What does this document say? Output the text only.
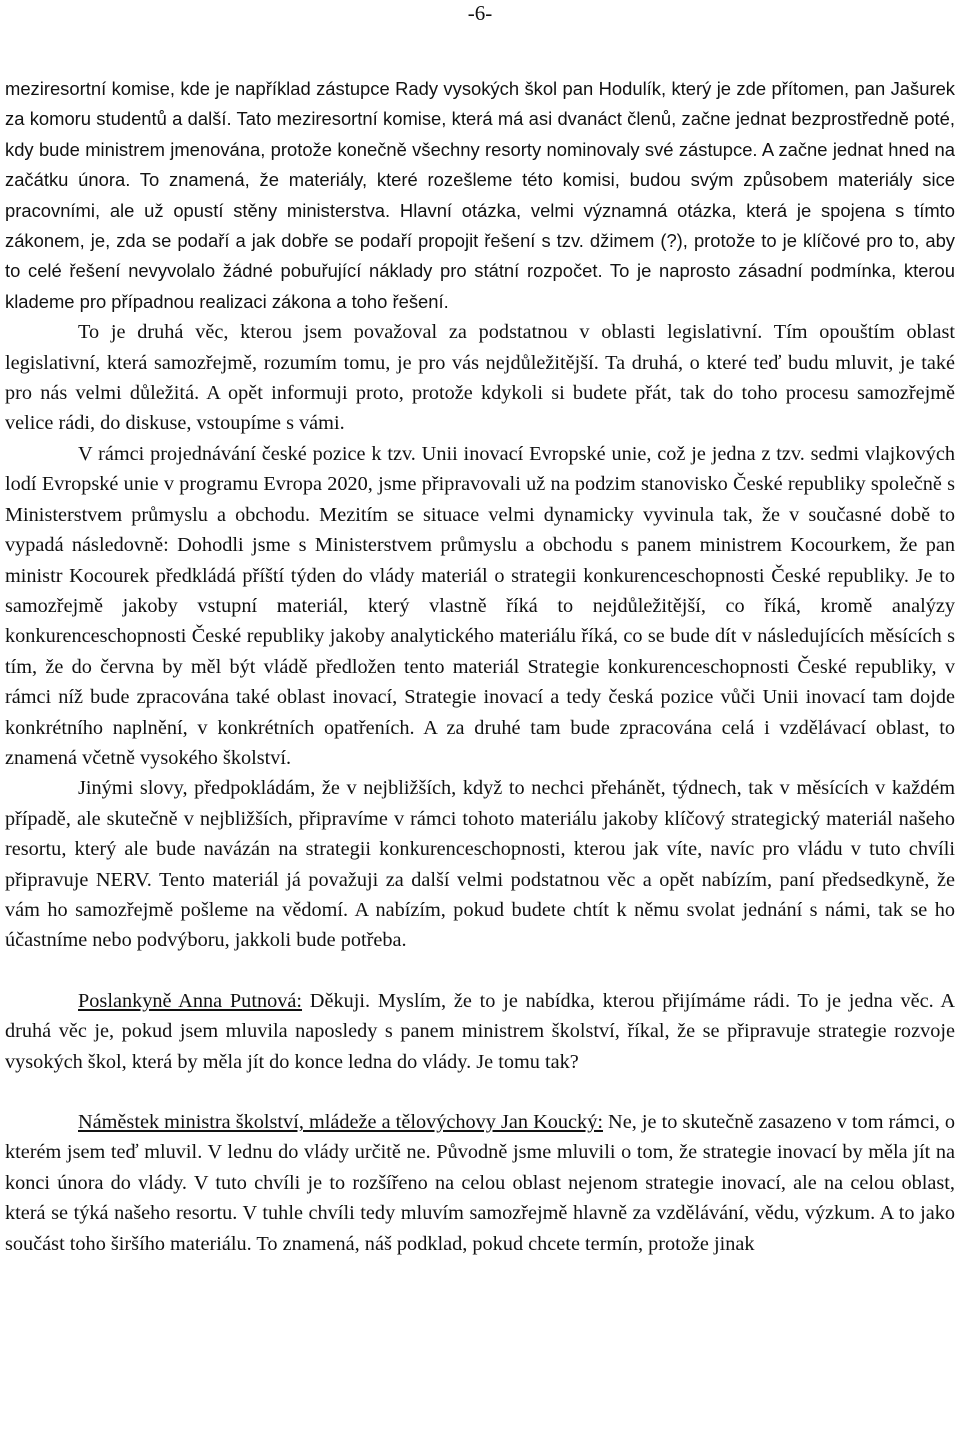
-6-

meziresortní komise, kde je například zástupce Rady vysokých škol pan Hodulík, který je zde přítomen, pan Jašurek za komoru studentů a další. Tato meziresortní komise, která má asi dvanáct členů, začne jednat bezprostředně poté, kdy bude ministrem jmenována, protože konečně všechny resorty nominovaly své zástupce. A začne jednat hned na začátku února. To znamená, že materiály, které rozešleme této komisi, budou svým způsobem materiály sice pracovními, ale už opustí stěny ministerstva. Hlavní otázka, velmi významná otázka, která je spojena s tímto zákonem, je, zda se podaří a jak dobře se podaří propojit řešení s tzv. džimem (?), protože to je klíčové pro to, aby to celé řešení nevyvolalo žádné pobuřující náklady pro státní rozpočet. To je naprosto zásadní podmínka, kterou klademe pro případnou realizaci zákona a toho řešení.

To je druhá věc, kterou jsem považoval za podstatnou v oblasti legislativní. Tím opouštím oblast legislativní, která samozřejmě, rozumím tomu, je pro vás nejdůležitější. Ta druhá, o které teď budu mluvit, je také pro nás velmi důležitá. A opět informuji proto, protože kdykoli si budete přát, tak do toho procesu samozřejmě velice rádi, do diskuse, vstoupíme s vámi.

V rámci projednávání české pozice k tzv. Unii inovací Evropské unie, což je jedna z tzv. sedmi vlajkových lodí Evropské unie v programu Evropa 2020, jsme připravovali už na podzim stanovisko České republiky společně s Ministerstvem průmyslu a obchodu. Mezitím se situace velmi dynamicky vyvinula tak, že v současné době to vypadá následovně: Dohodli jsme s Ministerstvem průmyslu a obchodu s panem ministrem Kocourkem, že pan ministr Kocourek předkládá příští týden do vlády materiál o strategii konkurenceschopnosti České republiky. Je to samozřejmě jakoby vstupní materiál, který vlastně říká to nejdůležitější, co říká, kromě analýzy konkurenceschopnosti České republiky jakoby analytického materiálu říká, co se bude dít v následujících měsících s tím, že do června by měl být vládě předložen tento materiál Strategie konkurenceschopnosti České republiky, v rámci níž bude zpracována také oblast inovací, Strategie inovací a tedy česká pozice vůči Unii inovací tam dojde konkrétního naplnění, v konkrétních opatřeních. A za druhé tam bude zpracována celá i vzdělávací oblast, to znamená včetně vysokého školství.

Jinými slovy, předpokládám, že v nejbližších, když to nechci přehánět, týdnech, tak v měsících v každém případě, ale skutečně v nejbližších, připravíme v rámci tohoto materiálu jakoby klíčový strategický materiál našeho resortu, který ale bude navázán na strategii konkurenceschopnosti, kterou jak víte, navíc pro vládu v tuto chvíli připravuje NERV. Tento materiál já považuji za další velmi podstatnou věc a opět nabízím, paní předsedkyně, že vám ho samozřejmě pošleme na vědomí. A nabízím, pokud budete chtít k němu svolat jednání s námi, tak se ho účastníme nebo podvýboru, jakkoli bude potřeba.

Poslankyně Anna Putnová: Děkuji. Myslím, že to je nabídka, kterou přijímáme rádi. To je jedna věc. A druhá věc je, pokud jsem mluvila naposledy s panem ministrem školství, říkal, že se připravuje strategie rozvoje vysokých škol, která by měla jít do konce ledna do vlády. Je tomu tak?

Náměstek ministra školství, mládeže a tělovýchovy Jan Koucký: Ne, je to skutečně zasazeno v tom rámci, o kterém jsem teď mluvil. V lednu do vlády určitě ne. Původně jsme mluvili o tom, že strategie inovací by měla jít na konci února do vlády. V tuto chvíli je to rozšířeno na celou oblast nejenom strategie inovací, ale na celou oblast, která se týká našeho resortu. V tuhle chvíli tedy mluvím samozřejmě hlavně za vzdělávání, vědu, výzkum. A to jako součást toho širšího materiálu. To znamená, náš podklad, pokud chcete termín, protože jinak
